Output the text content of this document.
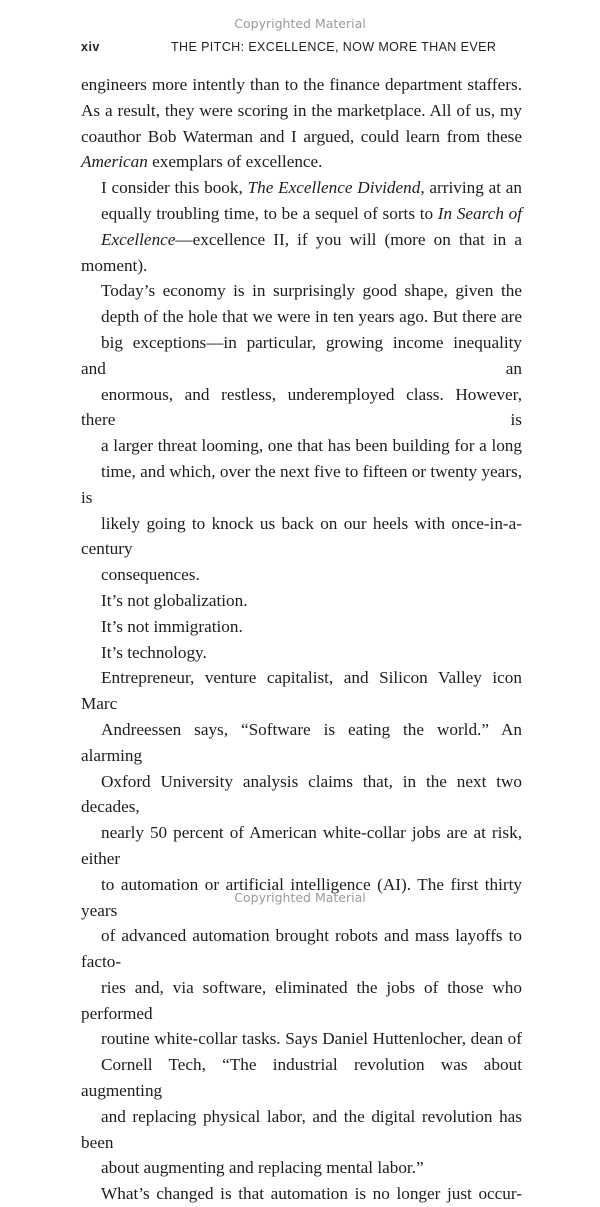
Copyrighted Material
xiv	THE PITCH: EXCELLENCE, NOW MORE THAN EVER

engineers more intently than to the finance department staffers.
As a result, they were scoring in the marketplace. All of us, my
coauthor Bob Waterman and I argued, could learn from these
American exemplars of excellence.

I consider this book, The Excellence Dividend, arriving at an
equally troubling time, to be a sequel of sorts to In Search of
Excellence—excellence II, if you will (more on that in a moment).

Today’s economy is in surprisingly good shape, given the
depth of the hole that we were in ten years ago. But there are
big exceptions—in particular, growing income inequality and an
enormous, and restless, underemployed class. However, there is
a larger threat looming, one that has been building for a long
time, and which, over the next five to fifteen or twenty years, is
likely going to knock us back on our heels with once-in-a-century
consequences.

It’s not globalization.

It’s not immigration.

It’s technology.

Entrepreneur, venture capitalist, and Silicon Valley icon Marc
Andreessen says, “Software is eating the world.” An alarming
Oxford University analysis claims that, in the next two decades,
nearly 50 percent of American white-collar jobs are at risk, either
to automation or artificial intelligence (AI). The first thirty years
of advanced automation brought robots and mass layoffs to facto-
ries and, via software, eliminated the jobs of those who performed
routine white-collar tasks. Says Daniel Huttenlocher, dean of
Cornell Tech, “The industrial revolution was about augmenting
and replacing physical labor, and the digital revolution has been
about augmenting and replacing mental labor.”

What’s changed is that automation is no longer just occur-

Copyrighted Material
